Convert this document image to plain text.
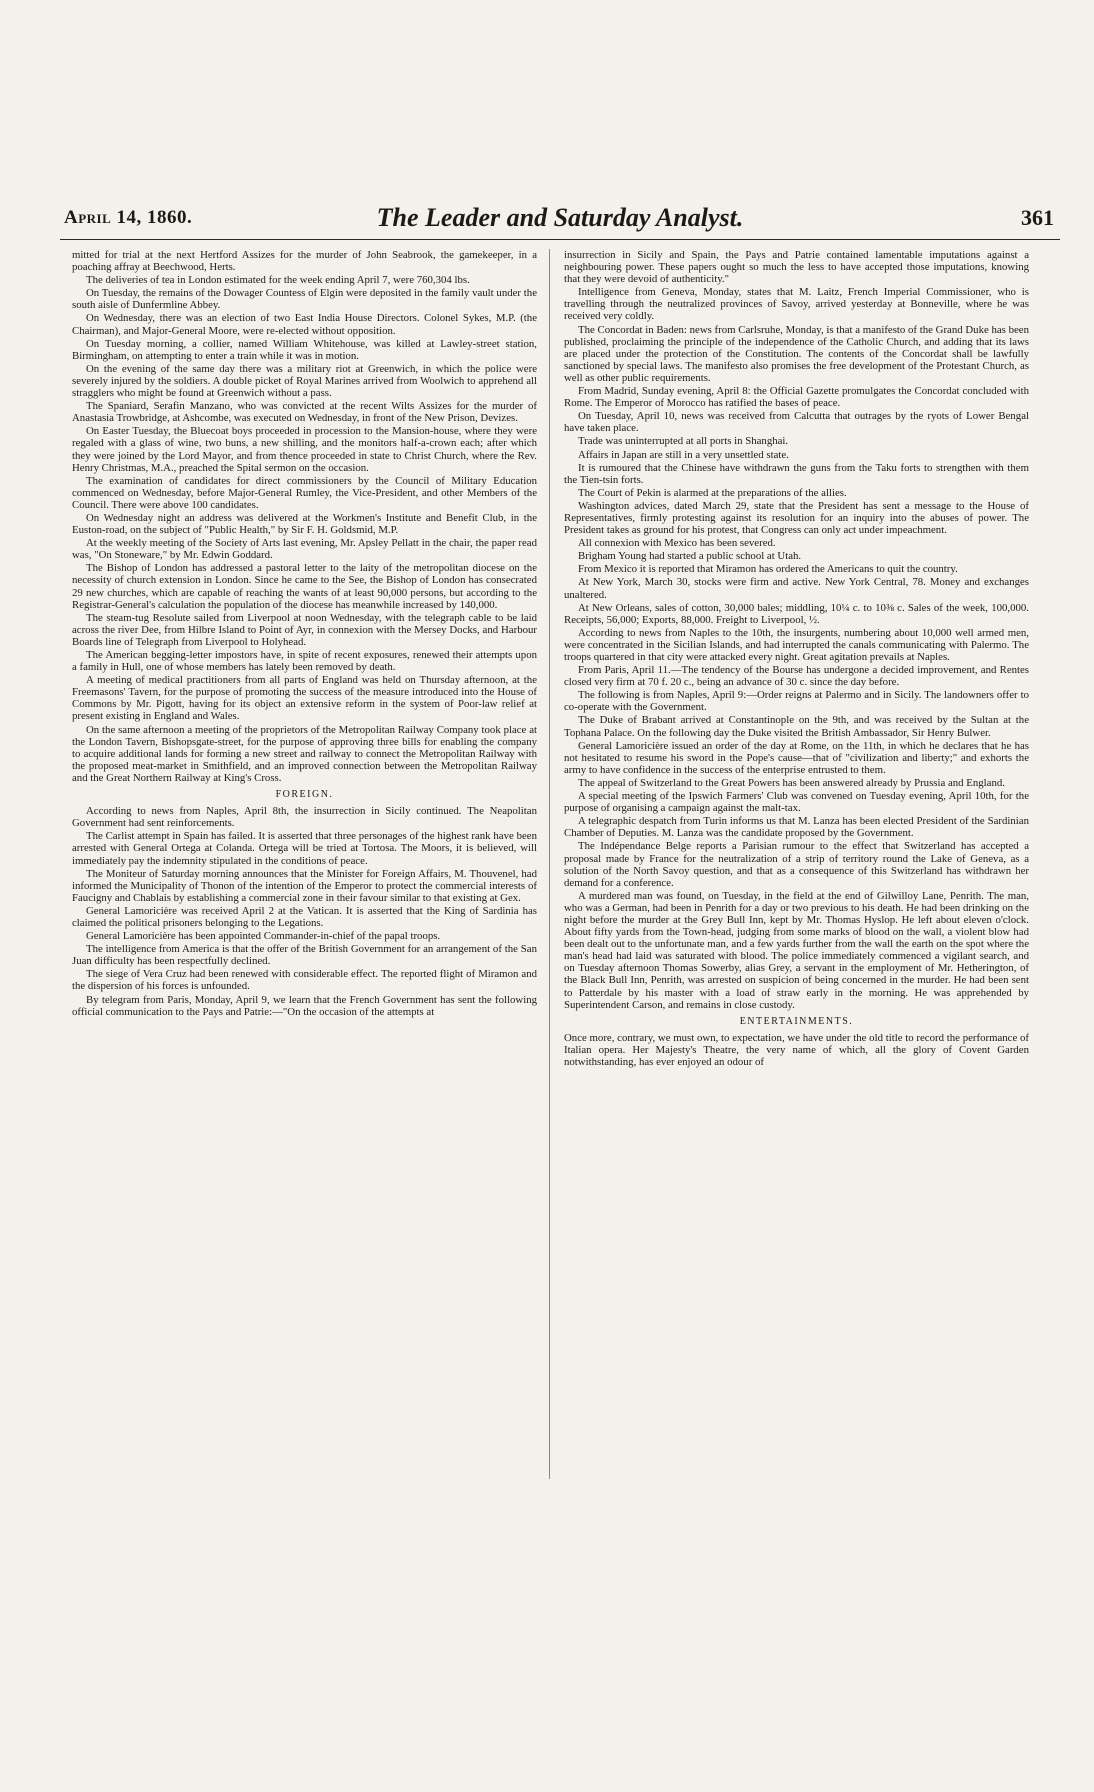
April 14, 1860.	The Leader and Saturday Analyst.	361

mitted for trial at the next Hertford Assizes for the murder of John Seabrook, the gamekeeper, in a poaching affray at Beechwood, Herts.

The deliveries of tea in London estimated for the week ending April 7, were 760,304 lbs.

On Tuesday, the remains of the Dowager Countess of Elgin were deposited in the family vault under the south aisle of Dunfermline Abbey.

On Wednesday, there was an election of two East India House Directors. Colonel Sykes, M.P. (the Chairman), and Major-General Moore, were re-elected without opposition.

On Tuesday morning, a collier, named William Whitehouse, was killed at Lawley-street station, Birmingham, on attempting to enter a train while it was in motion.

On the evening of the same day there was a military riot at Greenwich, in which the police were severely injured by the soldiers. A double picket of Royal Marines arrived from Woolwich to apprehend all stragglers who might be found at Greenwich without a pass.

The Spaniard, Serafin Manzano, who was convicted at the recent Wilts Assizes for the murder of Anastasia Trowbridge, at Ashcombe, was executed on Wednesday, in front of the New Prison, Devizes.

On Easter Tuesday, the Bluecoat boys proceeded in procession to the Mansion-house, where they were regaled with a glass of wine, two buns, a new shilling, and the monitors half-a-crown each; after which they were joined by the Lord Mayor, and from thence proceeded in state to Christ Church, where the Rev. Henry Christmas, M.A., preached the Spital sermon on the occasion.

The examination of candidates for direct commissioners by the Council of Military Education commenced on Wednesday, before Major-General Rumley, the Vice-President, and other Members of the Council. There were above 100 candidates.

On Wednesday night an address was delivered at the Workmen's Institute and Benefit Club, in the Euston-road, on the subject of "Public Health," by Sir F. H. Goldsmid, M.P.

At the weekly meeting of the Society of Arts last evening, Mr. Apsley Pellatt in the chair, the paper read was, "On Stoneware," by Mr. Edwin Goddard.

The Bishop of London has addressed a pastoral letter to the laity of the metropolitan diocese on the necessity of church extension in London. Since he came to the See, the Bishop of London has consecrated 29 new churches, which are capable of reaching the wants of at least 90,000 persons, but according to the Registrar-General's calculation the population of the diocese has meanwhile increased by 140,000.

The steam-tug Resolute sailed from Liverpool at noon Wednesday, with the telegraph cable to be laid across the river Dee, from Hilbre Island to Point of Ayr, in connexion with the Mersey Docks, and Harbour Boards line of Telegraph from Liverpool to Holyhead.

The American begging-letter impostors have, in spite of recent exposures, renewed their attempts upon a family in Hull, one of whose members has lately been removed by death.

A meeting of medical practitioners from all parts of England was held on Thursday afternoon, at the Freemasons' Tavern, for the purpose of promoting the success of the measure introduced into the House of Commons by Mr. Pigott, having for its object an extensive reform in the system of Poor-law relief at present existing in England and Wales.

On the same afternoon a meeting of the proprietors of the Metropolitan Railway Company took place at the London Tavern, Bishopsgate-street, for the purpose of approving three bills for enabling the company to acquire additional lands for forming a new street and railway to connect the Metropolitan Railway with the proposed meat-market in Smithfield, and an improved connection between the Metropolitan Railway and the Great Northern Railway at King's Cross.

FOREIGN.

According to news from Naples, April 8th, the insurrection in Sicily continued. The Neapolitan Government had sent reinforcements.

The Carlist attempt in Spain has failed. It is asserted that three personages of the highest rank have been arrested with General Ortega at Colanda. Ortega will be tried at Tortosa. The Moors, it is believed, will immediately pay the indemnity stipulated in the conditions of peace.

The Moniteur of Saturday morning announces that the Minister for Foreign Affairs, M. Thouvenel, had informed the Municipality of Thonon of the intention of the Emperor to protect the commercial interests of Faucigny and Chablais by establishing a commercial zone in their favour similar to that existing at Gex.

General Lamoricière was received April 2 at the Vatican. It is asserted that the King of Sardinia has claimed the political prisoners belonging to the Legations.

General Lamoricière has been appointed Commander-in-chief of the papal troops.

The intelligence from America is that the offer of the British Government for an arrangement of the San Juan difficulty has been respectfully declined.

The siege of Vera Cruz had been renewed with considerable effect. The reported flight of Miramon and the dispersion of his forces is unfounded.

By telegram from Paris, Monday, April 9, we learn that the French Government has sent the following official communication to the Pays and Patrie:—"On the occasion of the attempts at

insurrection in Sicily and Spain, the Pays and Patrie contained lamentable imputations against a neighbouring power. These papers ought so much the less to have accepted those imputations, knowing that they were devoid of authenticity."

Intelligence from Geneva, Monday, states that M. Laitz, French Imperial Commissioner, who is travelling through the neutralized provinces of Savoy, arrived yesterday at Bonneville, where he was received very coldly.

The Concordat in Baden: news from Carlsruhe, Monday, is that a manifesto of the Grand Duke has been published, proclaiming the principle of the independence of the Catholic Church, and adding that its laws are placed under the protection of the Constitution. The contents of the Concordat shall be lawfully sanctioned by special laws. The manifesto also promises the free development of the Protestant Church, as well as other public requirements.

From Madrid, Sunday evening, April 8: the Official Gazette promulgates the Concordat concluded with Rome. The Emperor of Morocco has ratified the bases of peace.

On Tuesday, April 10, news was received from Calcutta that outrages by the ryots of Lower Bengal have taken place.

Trade was uninterrupted at all ports in Shanghai.

Affairs in Japan are still in a very unsettled state.

It is rumoured that the Chinese have withdrawn the guns from the Taku forts to strengthen with them the Tien-tsin forts.

The Court of Pekin is alarmed at the preparations of the allies.

Washington advices, dated March 29, state that the President has sent a message to the House of Representatives, firmly protesting against its resolution for an inquiry into the abuses of power. The President takes as ground for his protest, that Congress can only act under impeachment.

All connexion with Mexico has been severed.

Brigham Young had started a public school at Utah.

From Mexico it is reported that Miramon has ordered the Americans to quit the country.

At New York, March 30, stocks were firm and active. New York Central, 78. Money and exchanges unaltered.

At New Orleans, sales of cotton, 30,000 bales; middling, 10¼ c. to 10⅜ c. Sales of the week, 100,000. Receipts, 56,000; Exports, 88,000. Freight to Liverpool, ½.

According to news from Naples to the 10th, the insurgents, numbering about 10,000 well armed men, were concentrated in the Sicilian Islands, and had interrupted the canals communicating with Palermo. The troops quartered in that city were attacked every night. Great agitation prevails at Naples.

From Paris, April 11.—The tendency of the Bourse has undergone a decided improvement, and Rentes closed very firm at 70 f. 20 c., being an advance of 30 c. since the day before.

The following is from Naples, April 9:—Order reigns at Palermo and in Sicily. The landowners offer to co-operate with the Government.

The Duke of Brabant arrived at Constantinople on the 9th, and was received by the Sultan at the Tophana Palace. On the following day the Duke visited the British Ambassador, Sir Henry Bulwer.

General Lamoricière issued an order of the day at Rome, on the 11th, in which he declares that he has not hesitated to resume his sword in the Pope's cause—that of "civilization and liberty;" and exhorts the army to have confidence in the success of the enterprise entrusted to them.

The appeal of Switzerland to the Great Powers has been answered already by Prussia and England.

A special meeting of the Ipswich Farmers' Club was convened on Tuesday evening, April 10th, for the purpose of organising a campaign against the malt-tax.

A telegraphic despatch from Turin informs us that M. Lanza has been elected President of the Sardinian Chamber of Deputies. M. Lanza was the candidate proposed by the Government.

The Indépendance Belge reports a Parisian rumour to the effect that Switzerland has accepted a proposal made by France for the neutralization of a strip of territory round the Lake of Geneva, as a solution of the North Savoy question, and that as a consequence of this Switzerland has withdrawn her demand for a conference.

A murdered man was found, on Tuesday, in the field at the end of Gilwilloy Lane, Penrith. The man, who was a German, had been in Penrith for a day or two previous to his death. He had been drinking on the night before the murder at the Grey Bull Inn, kept by Mr. Thomas Hyslop. He left about eleven o'clock. About fifty yards from the Town-head, judging from some marks of blood on the wall, a violent blow had been dealt out to the unfortunate man, and a few yards further from the wall the earth on the spot where the man's head had laid was saturated with blood. The police immediately commenced a vigilant search, and on Tuesday afternoon Thomas Sowerby, alias Grey, a servant in the employment of Mr. Hetherington, of the Black Bull Inn, Penrith, was arrested on suspicion of being concerned in the murder. He had been sent to Patterdale by his master with a load of straw early in the morning. He was apprehended by Superintendent Carson, and remains in close custody.

ENTERTAINMENTS.

Once more, contrary, we must own, to expectation, we have under the old title to record the performance of Italian opera. Her Majesty's Theatre, the very name of which, all the glory of Covent Garden notwithstanding, has ever enjoyed an odour of
